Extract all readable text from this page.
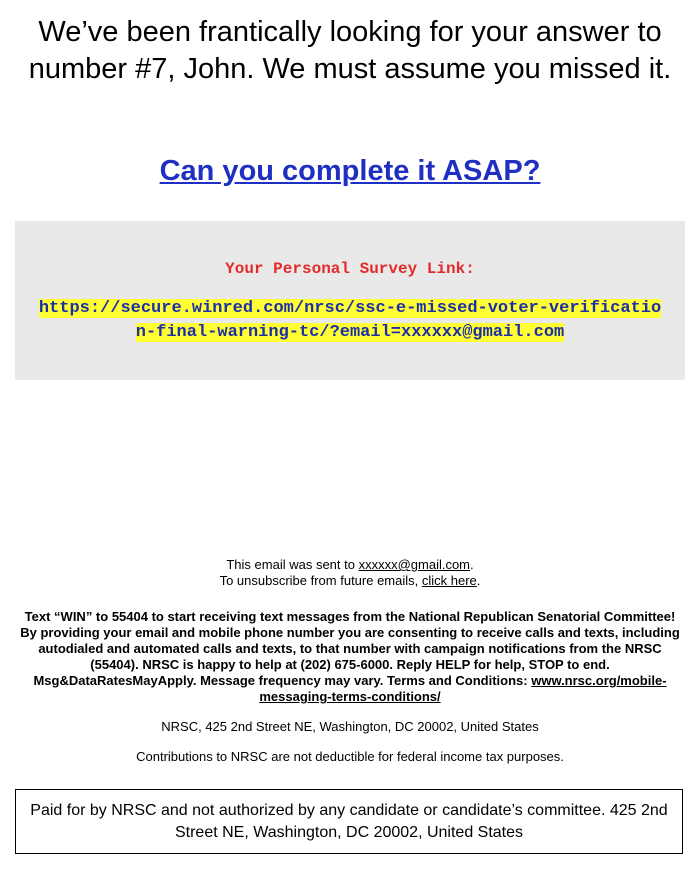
We’ve been frantically looking for your answer to number #7, John. We must assume you missed it.
Can you complete it ASAP?
Your Personal Survey Link:
https://secure.winred.com/nrsc/ssc-e-missed-voter-verification-final-warning-tc/?email=xxxxxx@gmail.com
This email was sent to xxxxxx@gmail.com.
To unsubscribe from future emails, click here.
Text “WIN” to 55404 to start receiving text messages from the National Republican Senatorial Committee! By providing your email and mobile phone number you are consenting to receive calls and texts, including autodialed and automated calls and texts, to that number with campaign notifications from the NRSC (55404). NRSC is happy to help at (202) 675-6000. Reply HELP for help, STOP to end. Msg&DataRatesMayApply. Message frequency may vary. Terms and Conditions: www.nrsc.org/mobile-messaging-terms-conditions/
NRSC, 425 2nd Street NE, Washington, DC 20002, United States
Contributions to NRSC are not deductible for federal income tax purposes.
Paid for by NRSC and not authorized by any candidate or candidate’s committee. 425 2nd Street NE, Washington, DC 20002, United States
